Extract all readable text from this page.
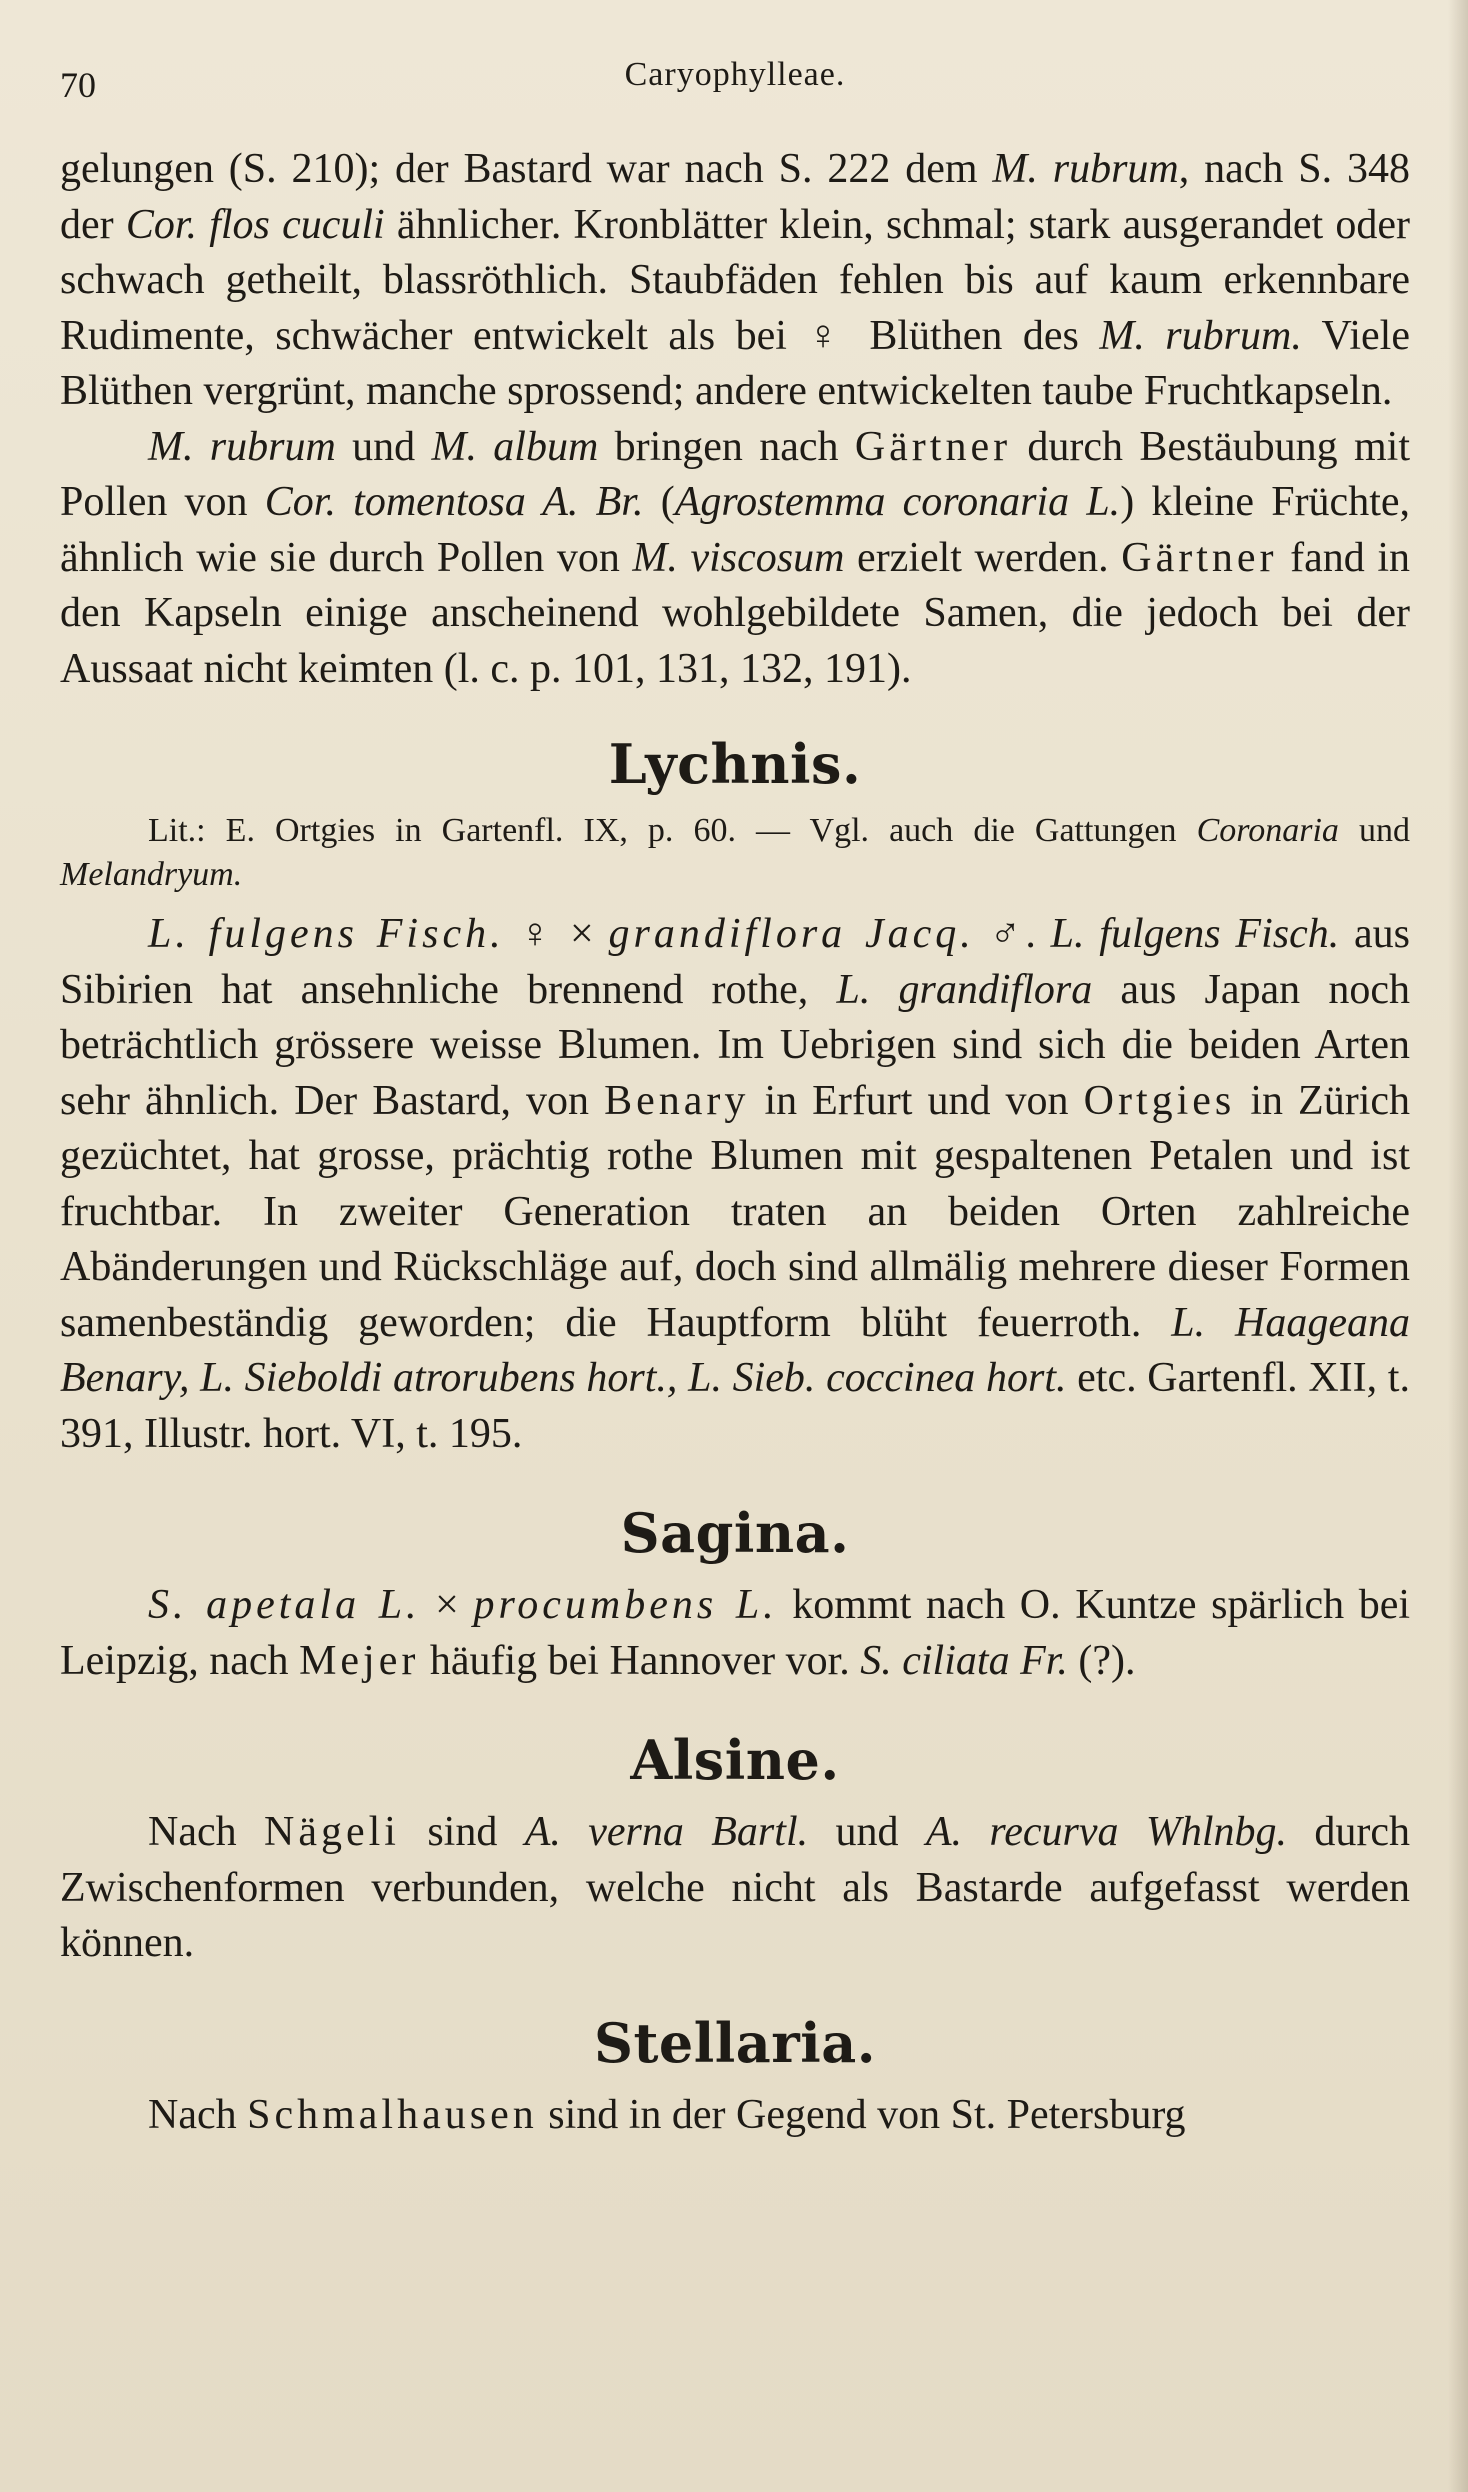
70	Caryophylleae.

gelungen (S. 210); der Bastard war nach S. 222 dem M. rubrum, nach S. 348 der Cor. flos cuculi ähnlicher. Kronblätter klein, schmal; stark ausgerandet oder schwach getheilt, blassröthlich. Staubfäden fehlen bis auf kaum erkennbare Rudimente, schwächer entwickelt als bei ♀ Blüthen des M. rubrum. Viele Blüthen vergrünt, manche sprossend; andere entwickelten taube Fruchtkapseln.

M. rubrum und M. album bringen nach Gärtner durch Bestäubung mit Pollen von Cor. tomentosa A. Br. (Agrostemma coronaria L.) kleine Früchte, ähnlich wie sie durch Pollen von M. viscosum erzielt werden. Gärtner fand in den Kapseln einige anscheinend wohlgebildete Samen, die jedoch bei der Aussaat nicht keimten (l. c. p. 101, 131, 132, 191).

Lychnis.

Lit.: E. Ortgies in Gartenfl. IX, p. 60. — Vgl. auch die Gattungen Coronaria und Melandryum.

L. fulgens Fisch. ♀ × grandiflora Jacq. ♂. L. fulgens Fisch. aus Sibirien hat ansehnliche brennend rothe, L. grandiflora aus Japan noch beträchtlich grössere weisse Blumen. Im Uebrigen sind sich die beiden Arten sehr ähnlich. Der Bastard, von Benary in Erfurt und von Ortgies in Zürich gezüchtet, hat grosse, prächtig rothe Blumen mit gespaltenen Petalen und ist fruchtbar. In zweiter Generation traten an beiden Orten zahlreiche Abänderungen und Rückschläge auf, doch sind allmälig mehrere dieser Formen samenbeständig geworden; die Hauptform blüht feuerroth. L. Haageana Benary, L. Sieboldi atrorubens hort., L. Sieb. coccinea hort. etc. Gartenfl. XII, t. 391, Illustr. hort. VI, t. 195.

Sagina.

S. apetala L. × procumbens L. kommt nach O. Kuntze spärlich bei Leipzig, nach Mejer häufig bei Hannover vor. S. ciliata Fr. (?).

Alsine.

Nach Nägeli sind A. verna Bartl. und A. recurva Whlnbg. durch Zwischenformen verbunden, welche nicht als Bastarde aufgefasst werden können.

Stellaria.

Nach Schmalhausen sind in der Gegend von St. Petersburg
